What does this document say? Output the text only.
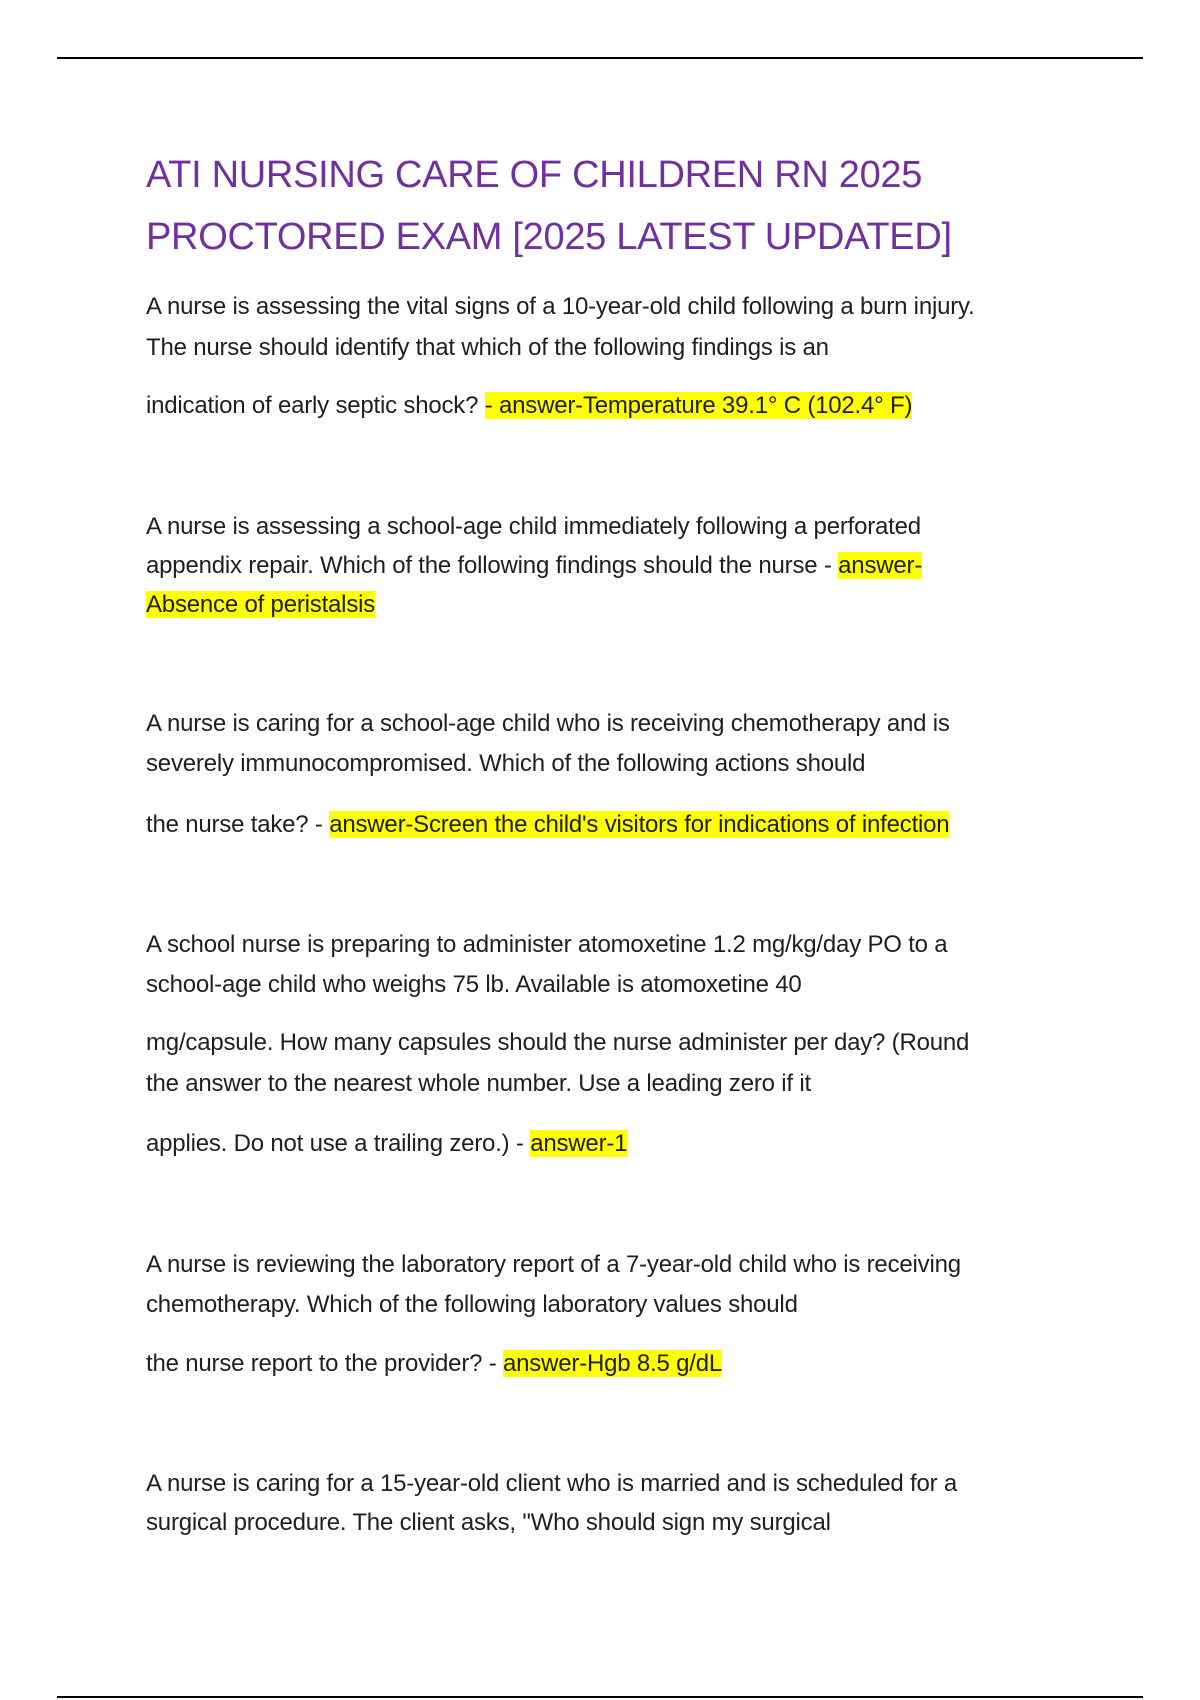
ATI NURSING CARE OF CHILDREN RN 2025
PROCTORED EXAM [2025 LATEST UPDATED]
A nurse is assessing the vital signs of a 10-year-old child following a burn injury.
The nurse should identify that which of the following findings is an
indication of early septic shock? - answer-Temperature 39.1° C (102.4° F)
A nurse is assessing a school-age child immediately following a perforated
appendix repair. Which of the following findings should the nurse - answer-
Absence of peristalsis
A nurse is caring for a school-age child who is receiving chemotherapy and is
severely immunocompromised. Which of the following actions should
the nurse take? - answer-Screen the child's visitors for indications of infection
A school nurse is preparing to administer atomoxetine 1.2 mg/kg/day PO to a
school-age child who weighs 75 lb. Available is atomoxetine 40
mg/capsule. How many capsules should the nurse administer per day? (Round
the answer to the nearest whole number. Use a leading zero if it
applies. Do not use a trailing zero.) - answer-1
A nurse is reviewing the laboratory report of a 7-year-old child who is receiving
chemotherapy. Which of the following laboratory values should
the nurse report to the provider? - answer-Hgb 8.5 g/dL
A nurse is caring for a 15-year-old client who is married and is scheduled for a
surgical procedure. The client asks, "Who should sign my surgical
